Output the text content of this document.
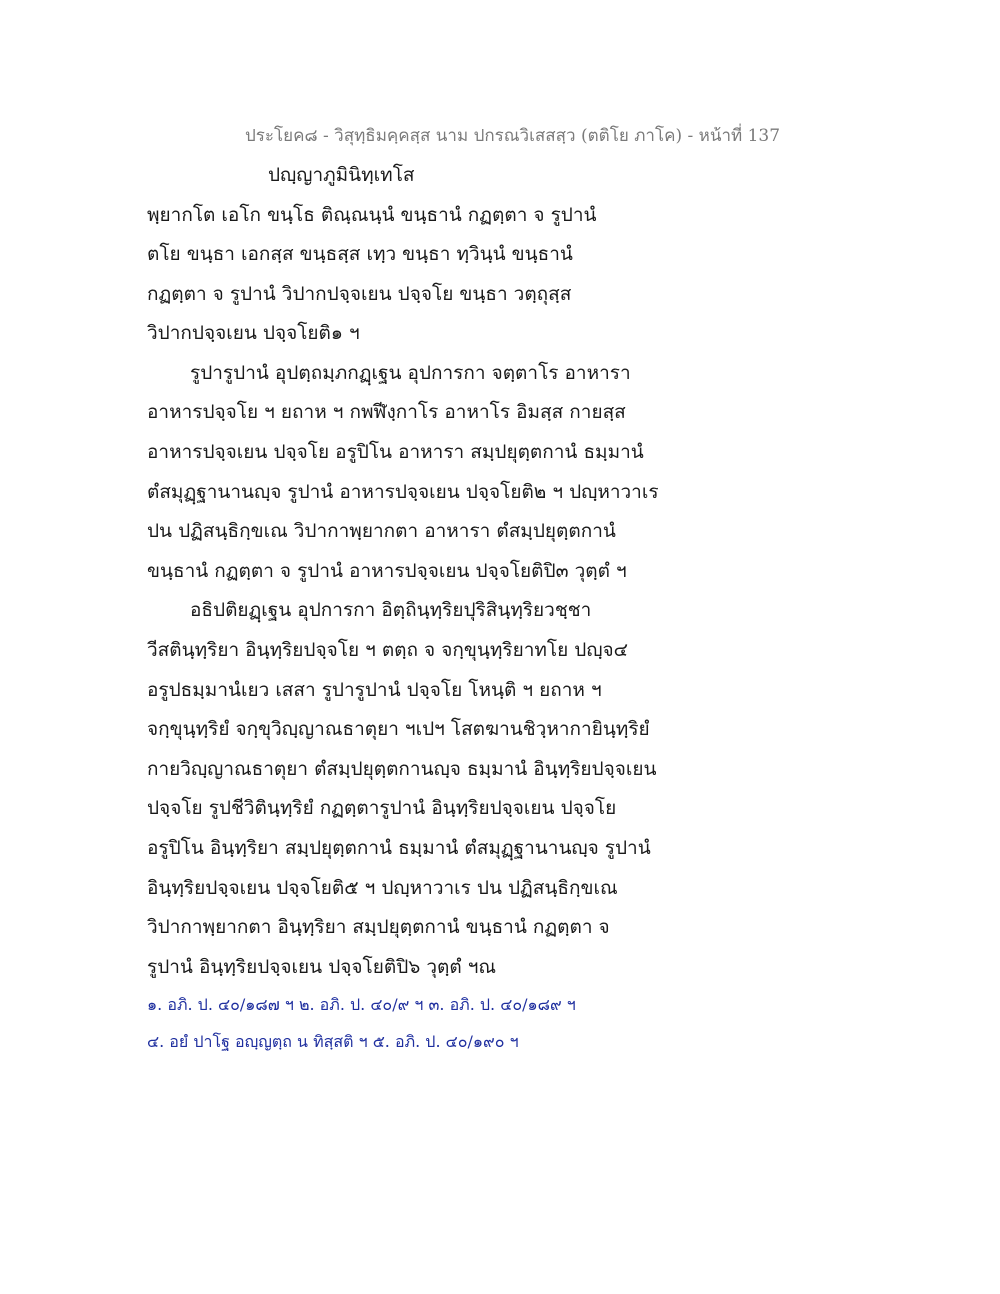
ประโยค๘ - วิสุทฺธิมคฺคสฺส นาม ปกรณวิเสสสฺว (ตติโย ภาโค) - หน้าที่ 137
ปญฺญาภูมินิทฺเทโส
พฺยากโต เอโก ขนฺโธ ติณฺณนฺนํ ขนฺธานํ กฏตฺตา จ รูปานํ
ตโย ขนฺธา เอกสฺส ขนฺธสฺส เทฺว ขนฺธา ทฺวินฺนํ ขนฺธานํ
กฏตฺตา จ รูปานํ วิปากปจฺจเยน ปจฺจโย ขนฺธา วตฺถุสฺส
วิปากปจฺจเยน ปจฺจโยติ๑ ฯ
รูปารูปานํ อุปตฺถมฺภกฏฺเฐน อุปการกา จตฺตาโร อาหารา
อาหารปจฺจโย ฯ ยถาห ฯ กพฬีงฺกาโร อาหาโร อิมสฺส กายสฺส
อาหารปจฺจเยน ปจฺจโย อรูปิโน อาหารา สมฺปยุตฺตกานํ ธมฺมานํ
ตํสมุฏฺฐานานญฺจ รูปานํ อาหารปจฺจเยน ปจฺจโยติ๒ ฯ ปญฺหาวาเร
ปน ปฏิสนฺธิกฺขเณ วิปากาพฺยากตา อาหารา ตํสมฺปยุตฺตกานํ
ขนฺธานํ กฏตฺตา จ รูปานํ อาหารปจฺจเยน ปจฺจโยติปิ๓ วุตฺตํ ฯ
อธิปติยฏฺเฐน อุปการกา อิตฺถินฺทฺริยปุริสินฺทฺริยวชฺชา
วีสตินฺทฺริยา อินฺทฺริยปจฺจโย ฯ ตตฺถ จ จกฺขุนฺทฺริยาทโย ปญฺจ๔
อรูปธมฺมานํเยว เสสา รูปารูปานํ ปจฺจโย โหนฺติ ฯ ยถาห ฯ
จกฺขุนฺทฺริยํ จกฺขุวิญฺญาณธาตุยา ฯเปฯ โสตฆานชิวฺหากายินฺทฺริยํ
กายวิญฺญาณธาตุยา ตํสมฺปยุตฺตกานญฺจ ธมฺมานํ อินฺทฺริยปจฺจเยน
ปจฺจโย รูปชีวิตินฺทฺริยํ กฏตฺตารูปานํ อินฺทฺริยปจฺจเยน ปจฺจโย
อรูปิโน อินฺทฺริยา สมฺปยุตฺตกานํ ธมฺมานํ ตํสมุฏฺฐานานญฺจ รูปานํ
อินฺทฺริยปจฺจเยน ปจฺจโยติ๕ ฯ ปญฺหาวาเร ปน ปฏิสนฺธิกฺขเณ
วิปากาพฺยากตา อินฺทฺริยา สมฺปยุตฺตกานํ ขนฺธานํ กฏตฺตา จ
รูปานํ อินฺทฺริยปจฺจเยน ปจฺจโยติปิ๖ วุตฺตํ ฯณ
๑. อภิ. ป. ๔๐/๑๘๗ ฯ ๒. อภิ. ป. ๔๐/๙ ฯ ๓. อภิ. ป. ๔๐/๑๘๙ ฯ
๔. อยํ ปาโฐ อญฺญตฺถ น ทิสฺสติ ฯ ๕. อภิ. ป. ๔๐/๑๙๐ ฯ
